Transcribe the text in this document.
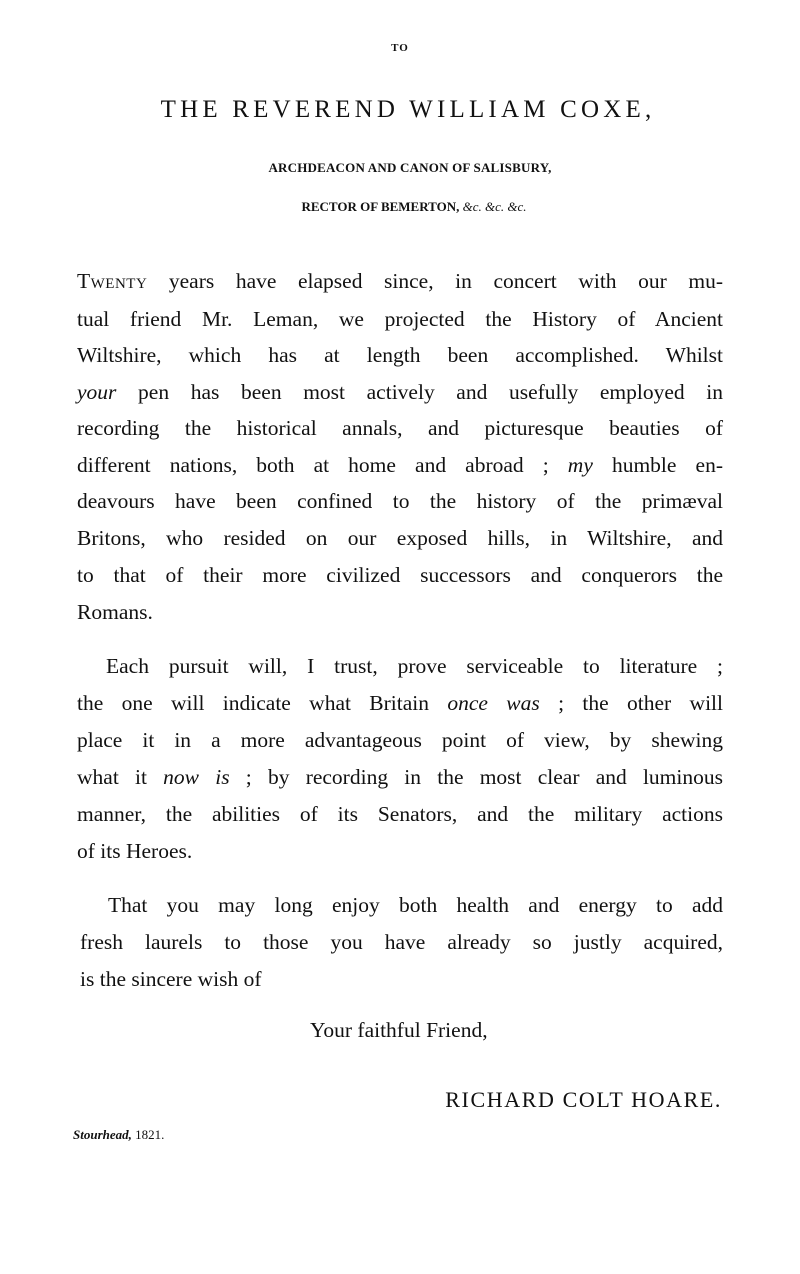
TO
THE REVEREND WILLIAM COXE,
ARCHDEACON AND CANON OF SALISBURY,
RECTOR OF BEMERTON, &c. &c. &c.
TWENTY years have elapsed since, in concert with our mu-
tual friend Mr. Leman, we projected the History of Ancient
Wiltshire, which has at length been accomplished. Whilst
your pen has been most actively and usefully employed in
recording the historical annals, and picturesque beauties of
different nations, both at home and abroad ; my humble en-
deavours have been confined to the history of the primæval
Britons, who resided on our exposed hills, in Wiltshire, and
to that of their more civilized successors and conquerors the
Romans.
Each pursuit will, I trust, prove serviceable to literature ;
the one will indicate what Britain once was ; the other will
place it in a more advantageous point of view, by shewing
what it now is ; by recording in the most clear and luminous
manner, the abilities of its Senators, and the military actions
of its Heroes.
That you may long enjoy both health and energy to add
fresh laurels to those you have already so justly acquired,
is the sincere wish of
Your faithful Friend,
RICHARD COLT HOARE.
Stourhead, 1821.
